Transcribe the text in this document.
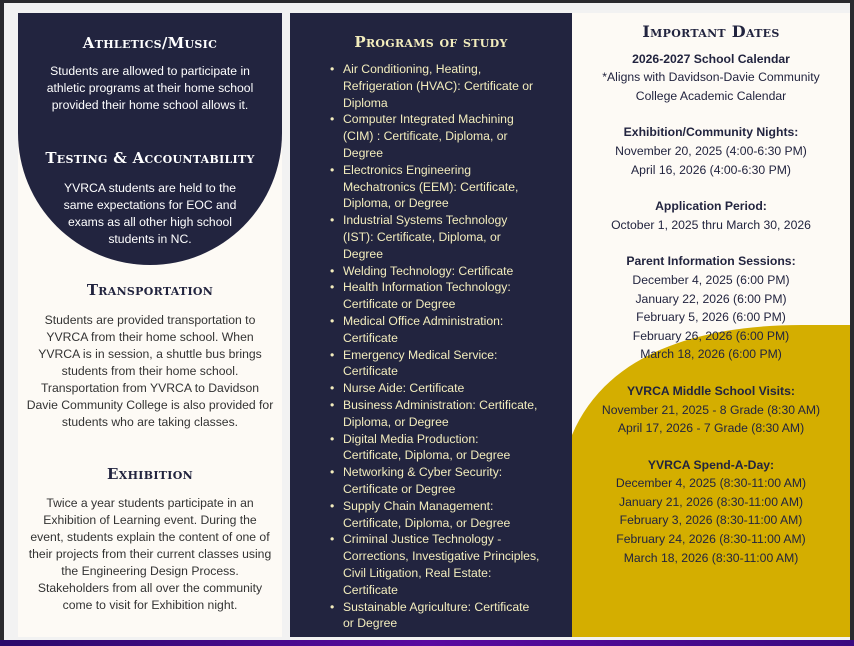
Athletics/Music

Students are allowed to participate in athletic programs at their home school provided their home school allows it.

Testing & Accountability

YVRCA students are held to the same expectations for EOC and exams as all other high school students in NC.

Transportation

Students are provided transportation to YVRCA from their home school. When YVRCA is in session, a shuttle bus brings students from their home school. Transportation from YVRCA to Davidson Davie Community College is also provided for students who are taking classes.

Exhibition

Twice a year students participate in an Exhibition of Learning event. During the event, students explain the content of one of their projects from their current classes using the Engineering Design Process. Stakeholders from all over the community come to visit for Exhibition night.

Programs of study
• Air Conditioning, Heating, Refrigeration (HVAC): Certificate or Diploma
• Computer Integrated Machining (CIM) : Certificate, Diploma, or Degree
• Electronics Engineering Mechatronics (EEM): Certificate, Diploma, or Degree
• Industrial Systems Technology (IST): Certificate, Diploma, or Degree
• Welding Technology: Certificate
• Health Information Technology: Certificate or Degree
• Medical Office Administration: Certificate
• Emergency Medical Service: Certificate
• Nurse Aide: Certificate
• Business Administration: Certificate, Diploma, or Degree
• Digital Media Production: Certificate, Diploma, or Degree
• Networking & Cyber Security: Certificate or Degree
• Supply Chain Management: Certificate, Diploma, or Degree
• Criminal Justice Technology - Corrections, Investigative Principles, Civil Litigation, Real Estate: Certificate
• Sustainable Agriculture: Certificate or Degree
Important Dates
2026-2027 School Calendar
*Aligns with Davidson-Davie Community
College Academic Calendar
Exhibition/Community Nights:
November 20, 2025 (4:00-6:30 PM)
April 16, 2026 (4:00-6:30 PM)
Application Period:
October 1, 2025 thru March 30, 2026
Parent Information Sessions:
December 4, 2025 (6:00 PM)
January 22, 2026 (6:00 PM)
February 5, 2026 (6:00 PM)
February 26, 2026 (6:00 PM)
March 18, 2026 (6:00 PM)
YVRCA Middle School Visits:
November 21, 2025 - 8 Grade (8:30 AM)
April 17, 2026 - 7 Grade (8:30 AM)
YVRCA Spend-A-Day:
December 4, 2025 (8:30-11:00 AM)
January 21, 2026 (8:30-11:00 AM)
February 3, 2026 (8:30-11:00 AM)
February 24, 2026 (8:30-11:00 AM)
March 18, 2026 (8:30-11:00 AM)
